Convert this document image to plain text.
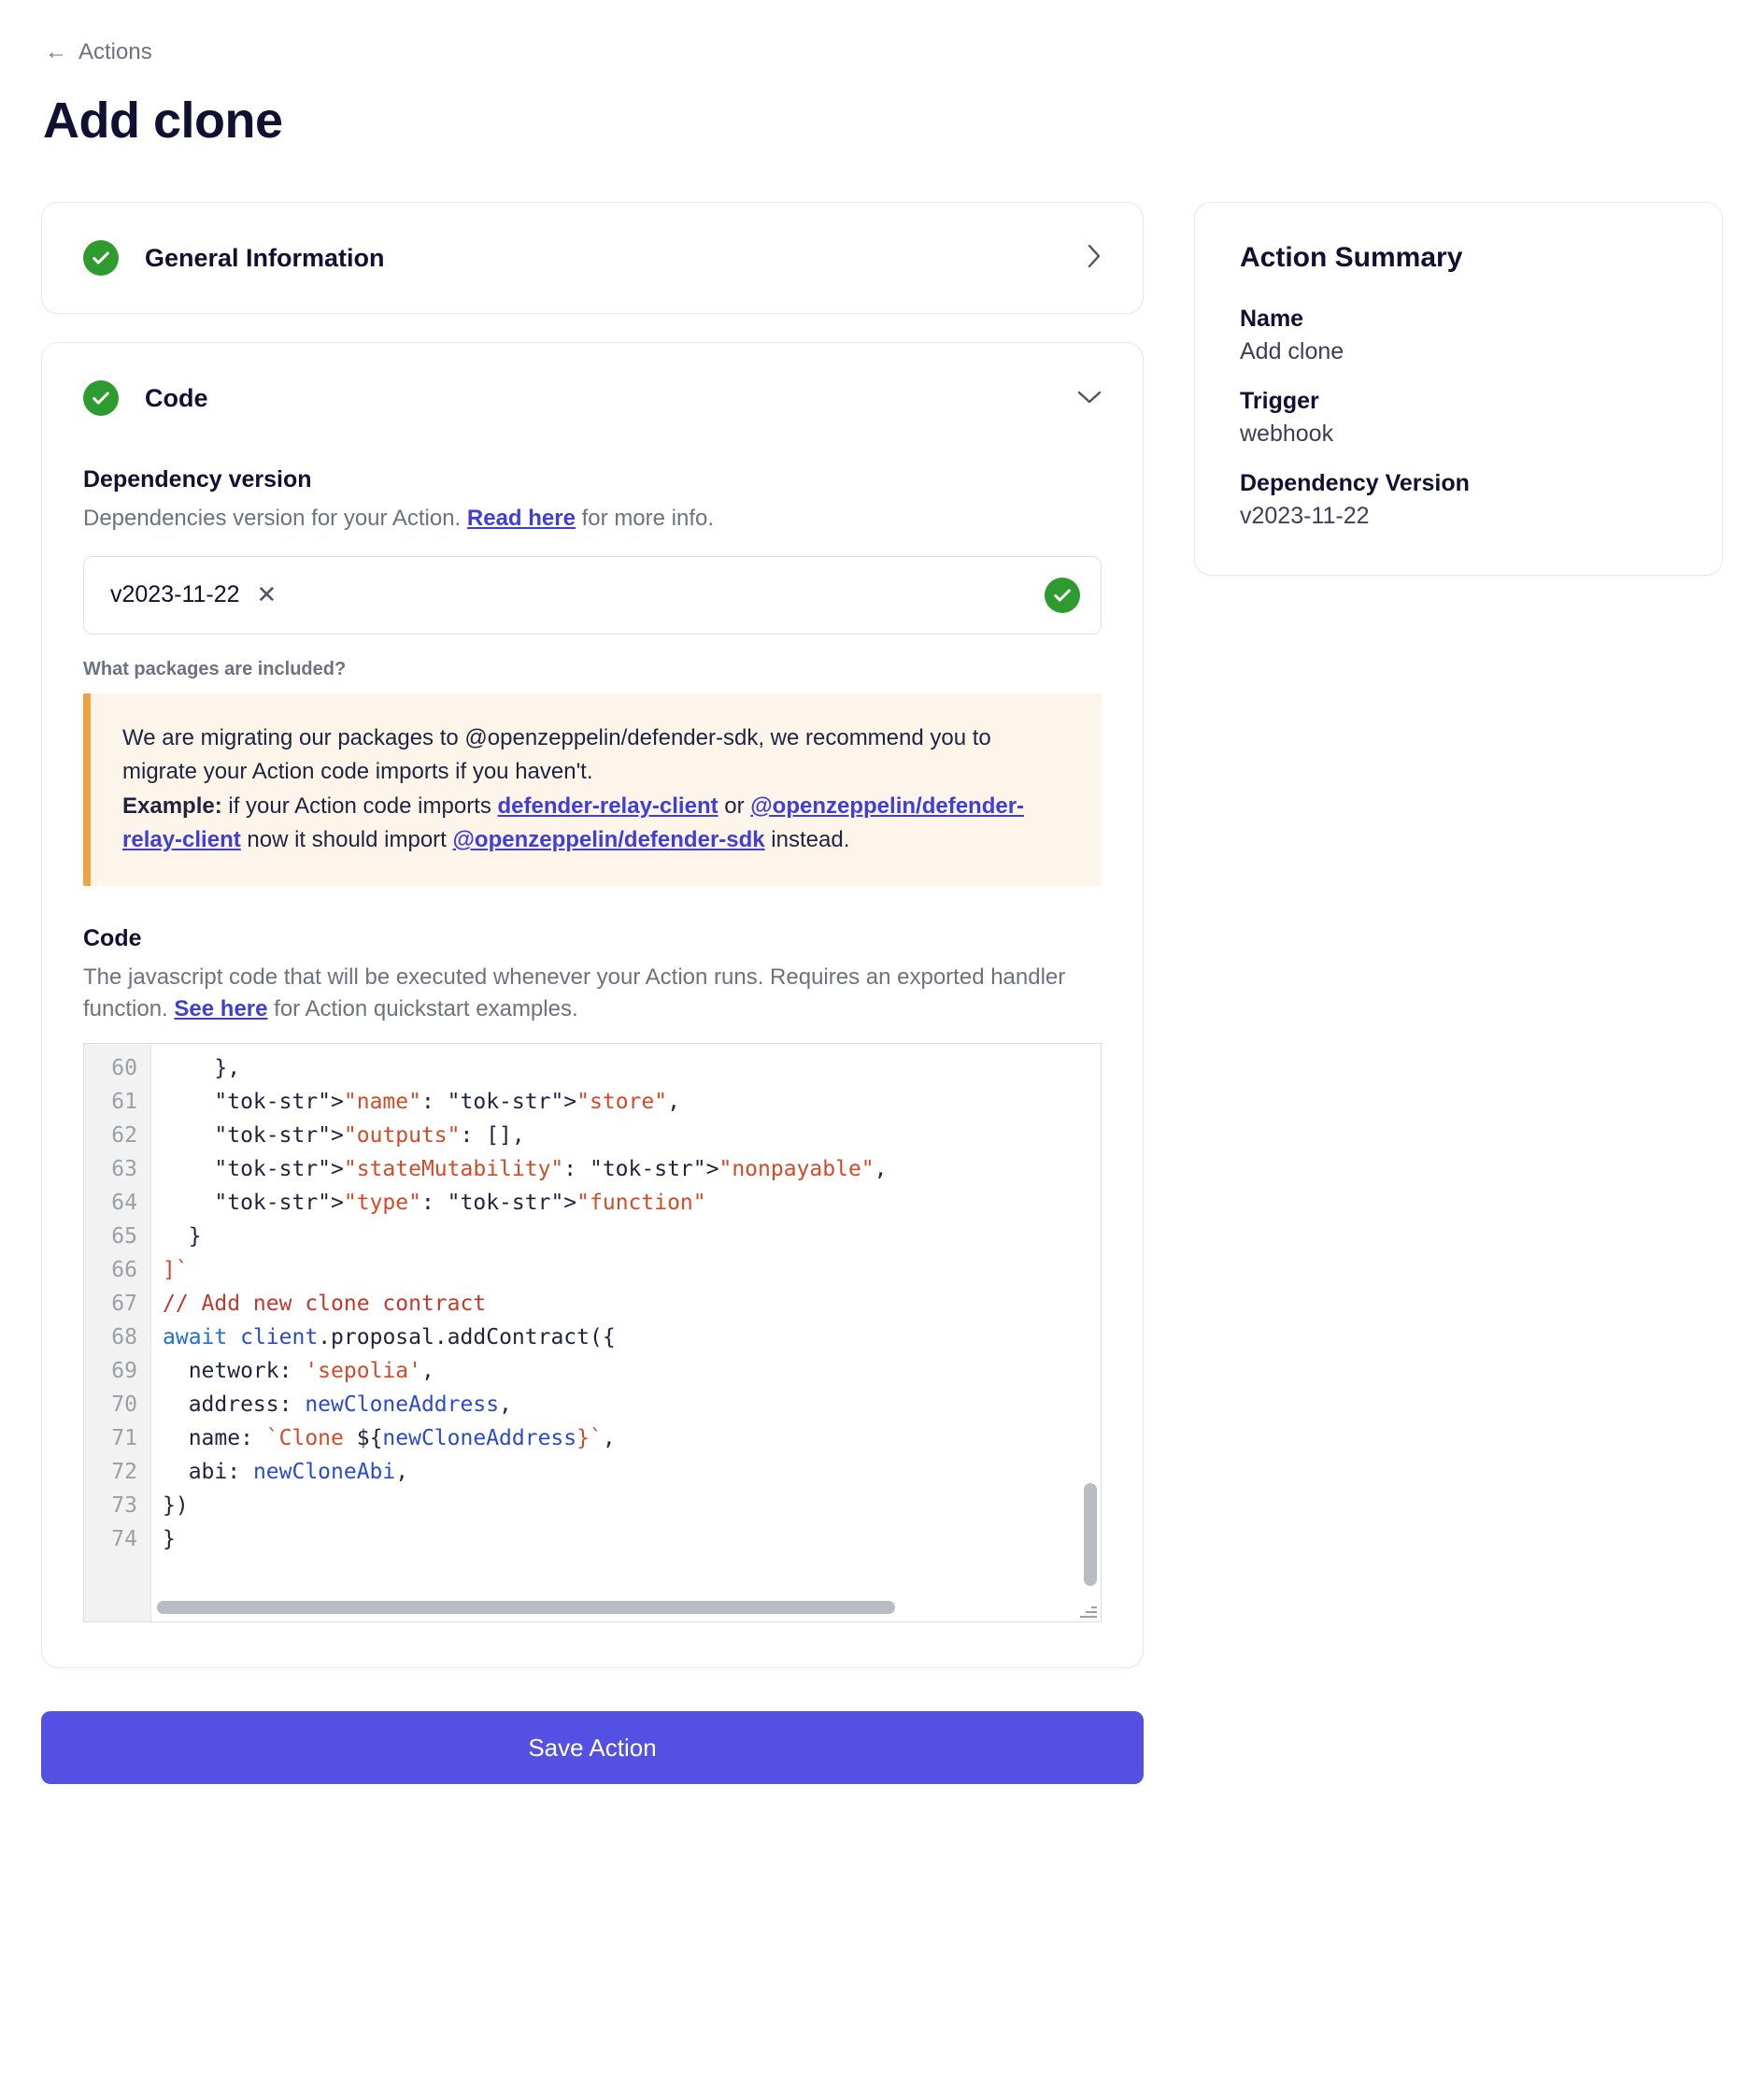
← Actions
Add clone
General Information
Code
Dependency version
Dependencies version for your Action. Read here for more info.
v2023-11-22 ✕
What packages are included?
We are migrating our packages to @openzeppelin/defender-sdk, we recommend you to migrate your Action code imports if you haven't.
Example: if your Action code imports defender-relay-client or @openzeppelin/defender-relay-client now it should import @openzeppelin/defender-sdk instead.
Code
The javascript code that will be executed whenever your Action runs. Requires an exported handler function. See here for Action quickstart examples.
60
61
62
63
64
65
66
67
68
69
70
71
72
73
74
},
"tok-str">"name": "tok-str">"store",
"tok-str">"outputs": [],
"tok-str">"stateMutability": "tok-str">"nonpayable",
"tok-str">"type": "tok-str">"function"
}
]`
// Add new clone contract
await client.proposal.addContract({
network: 'sepolia',
address: newCloneAddress,
name: `Clone ${newCloneAddress}`,
abi: newCloneAbi,
})
}
Save Action
Action Summary
Name
Add clone
Trigger
webhook
Dependency Version
v2023-11-22
